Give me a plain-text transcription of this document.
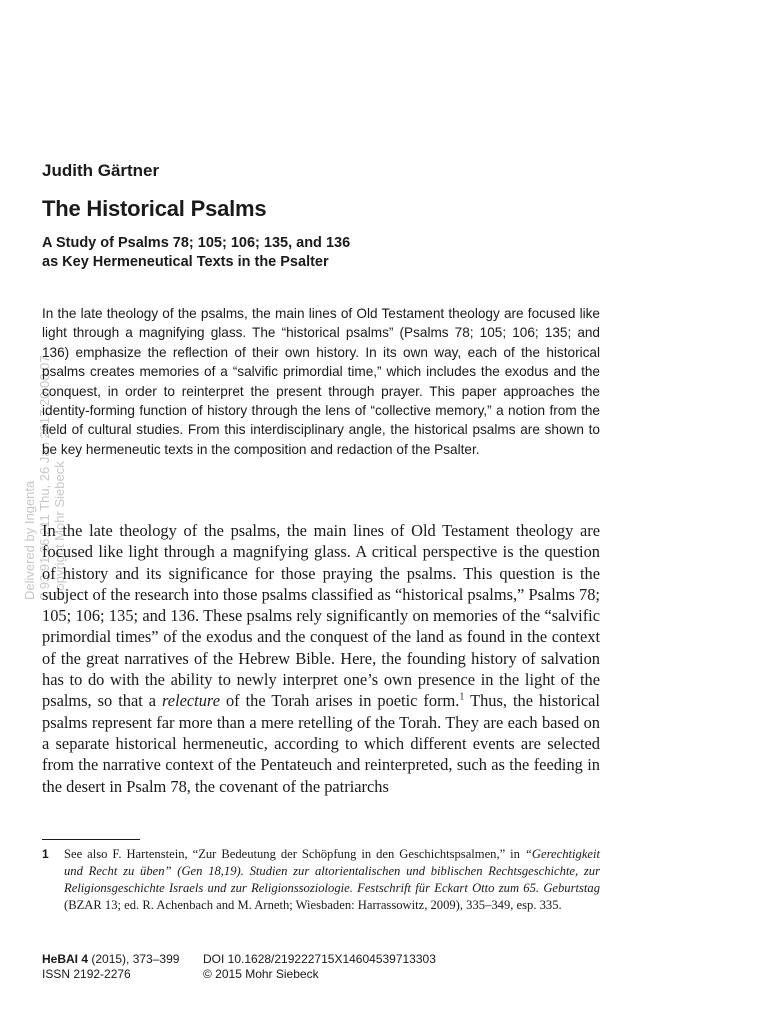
Delivered by Ingenta ? 93.91.26.211 Thu, 26 Jan 2017 20:00:07 Copyright Mohr Siebeck
Judith Gärtner
The Historical Psalms
A Study of Psalms 78; 105; 106; 135, and 136
as Key Hermeneutical Texts in the Psalter
In the late theology of the psalms, the main lines of Old Testament theology are focused like light through a magnifying glass. The “historical psalms” (Psalms 78; 105; 106; 135; and 136) emphasize the reflection of their own history. In its own way, each of the historical psalms creates memories of a “salvific primordial time,” which includes the exodus and the conquest, in order to reinterpret the present through prayer. This paper approaches the identity-forming function of history through the lens of “collective memory,” a notion from the field of cultural studies. From this interdisciplinary angle, the historical psalms are shown to be key hermeneutic texts in the composition and redaction of the Psalter.
In the late theology of the psalms, the main lines of Old Testament theology are focused like light through a magnifying glass. A critical perspective is the question of history and its significance for those praying the psalms. This question is the subject of the research into those psalms classified as “historical psalms,” Psalms 78; 105; 106; 135; and 136. These psalms rely significantly on memories of the “salvific primordial times” of the exodus and the conquest of the land as found in the context of the great narratives of the Hebrew Bible. Here, the founding history of salvation has to do with the ability to newly interpret one’s own presence in the light of the psalms, so that a relecture of the Torah arises in poetic form.$^1$ Thus, the historical psalms represent far more than a mere retelling of the Torah. They are each based on a separate historical hermeneutic, according to which different events are selected from the narrative context of the Pentateuch and reinterpreted, such as the feeding in the desert in Psalm 78, the covenant of the patriarchs
1 See also F. Hartenstein, “Zur Bedeutung der Schöpfung in den Geschichtspsalmen,” in “Gerechtigkeit und Recht zu üben” (Gen 18,19). Studien zur altorientalischen und biblischen Rechtsgeschichte, zur Religionsgeschichte Israels und zur Religionssoziologie. Festschrift für Eckart Otto zum 65. Geburtstag (BZAR 13; ed. R. Achenbach and M. Arneth; Wiesbaden: Harrassowitz, 2009), 335–349, esp. 335.
HeBAI 4 (2015), 373–399
ISSN 2192-2276
DOI 10.1628/219222715X14604539713303
© 2015 Mohr Siebeck
